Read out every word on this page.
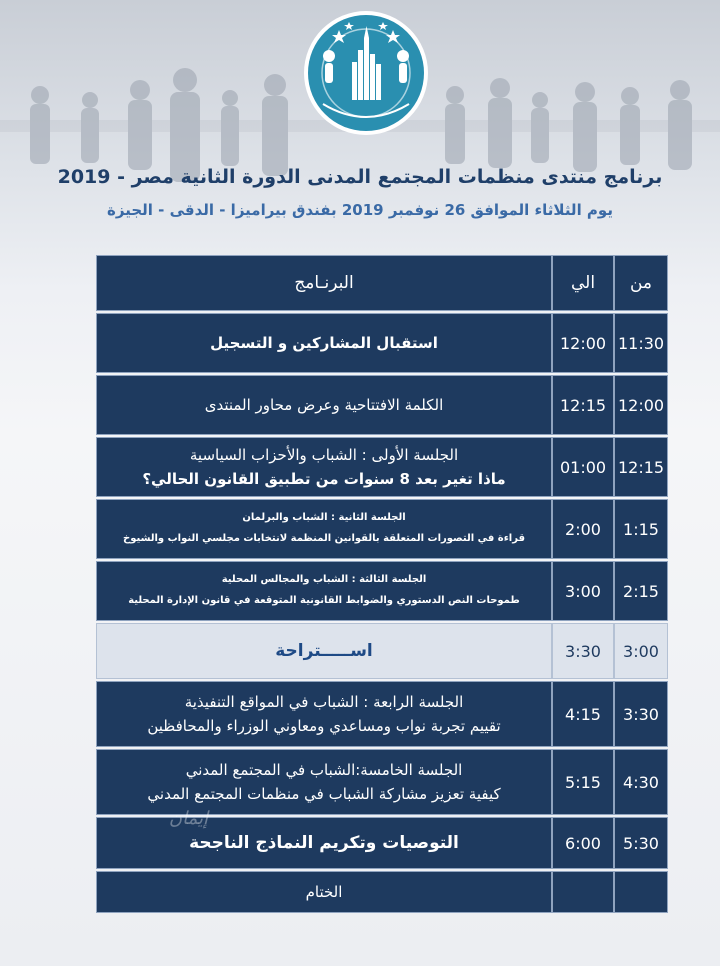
برنامج منتدى منظمات المجتمع المدنى الدورة الثانية مصر - 2019
يوم الثلاثاء الموافق 26 نوفمبر 2019 بفندق بيراميزا - الدقى - الجيزة
من
الي
البرنـامج
11:30
12:00
استقبال المشاركين و التسجيل
12:00
12:15
الكلمة الافتتاحية وعرض محاور المنتدى
12:15
01:00
الجلسة الأولى : الشباب والأحزاب السياسية
ماذا تغير بعد 8 سنوات من تطبيق القانون الحالي؟
1:15
2:00
الجلسة الثانية : الشباب والبرلمان
قراءة في التصورات المتعلقة بالقوانين المنظمة لانتخابات مجلسي النواب والشيوخ
2:15
3:00
الجلسة الثالثة : الشباب والمجالس المحلية
طموحات النص الدستوري والضوابط القانونية المتوقعة في قانون الإدارة المحلية
3:00
3:30
اســـــتراحة
3:30
4:15
الجلسة الرابعة : الشباب في المواقع التنفيذية
تقييم تجربة نواب ومساعدي ومعاوني الوزراء والمحافظين
4:30
5:15
الجلسة الخامسة:الشباب في المجتمع المدني
كيفية تعزيز مشاركة الشباب في منظمات المجتمع المدني
5:30
6:00
التوصيات وتكريم النماذج الناجحة
الختام
إيمان
